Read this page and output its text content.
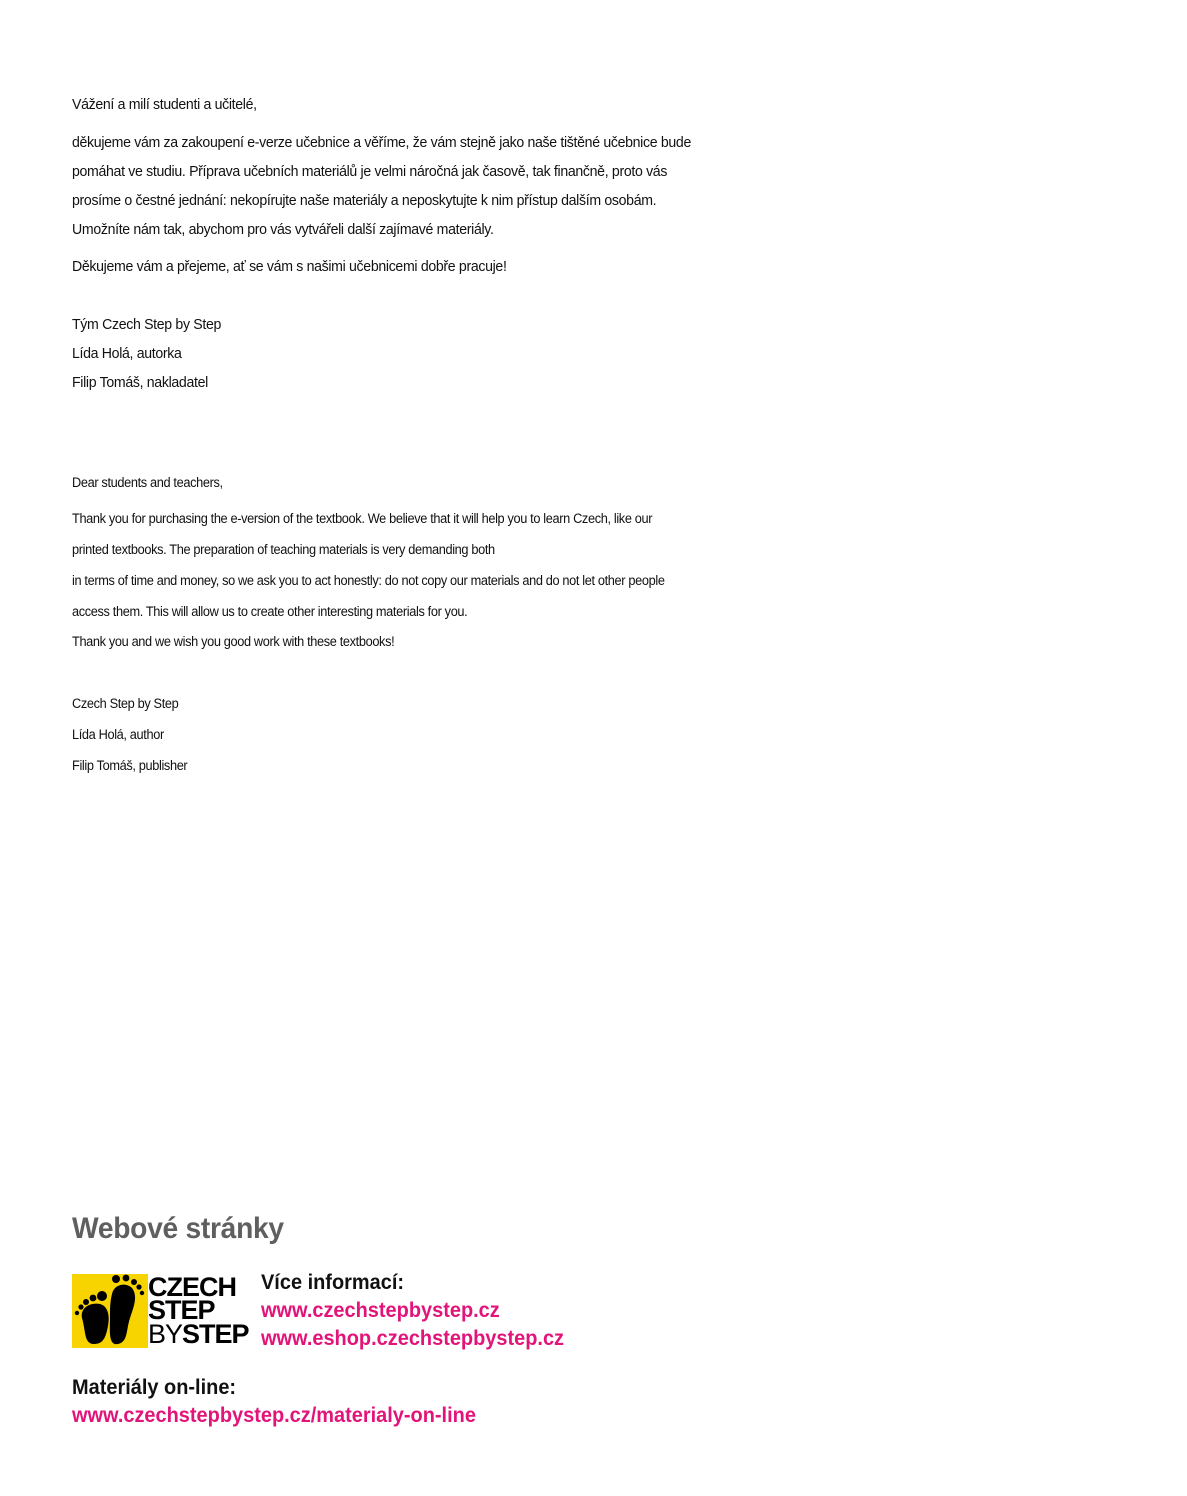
Vážení a milí studenti a učitelé,
děkujeme vám za zakoupení e-verze učebnice a věříme, že vám stejně jako naše tištěné učebnice bude
pomáhat ve studiu. Příprava učebních materiálů je velmi náročná jak časově, tak finančně, proto vás
prosíme o čestné jednání: nekopírujte naše materiály a neposkytujte k nim přístup dalším osobám.
Umožníte nám tak, abychom pro vás vytvářeli další zajímavé materiály.
Děkujeme vám a přejeme, ať se vám s našimi učebnicemi dobře pracuje!
Tým Czech Step by Step
Lída Holá, autorka
Filip Tomáš, nakladatel
Dear students and teachers,
Thank you for purchasing the e-version of the textbook. We believe that it will help you to learn Czech, like our
printed textbooks. The preparation of teaching materials is very demanding both
in terms of time and money, so we ask you to act honestly: do not copy our materials and do not let other people
access them. This will allow us to create other interesting materials for you.
Thank you and we wish you good work with these textbooks!
Czech Step by Step
Lída Holá, author
Filip Tomáš, publisher
Webové stránky
CZECH
STEP
BYSTEP
Více informací:
www.czechstepbystep.cz
www.eshop.czechstepbystep.cz
Materiály on-line:
www.czechstepbystep.cz/materialy-on-line
